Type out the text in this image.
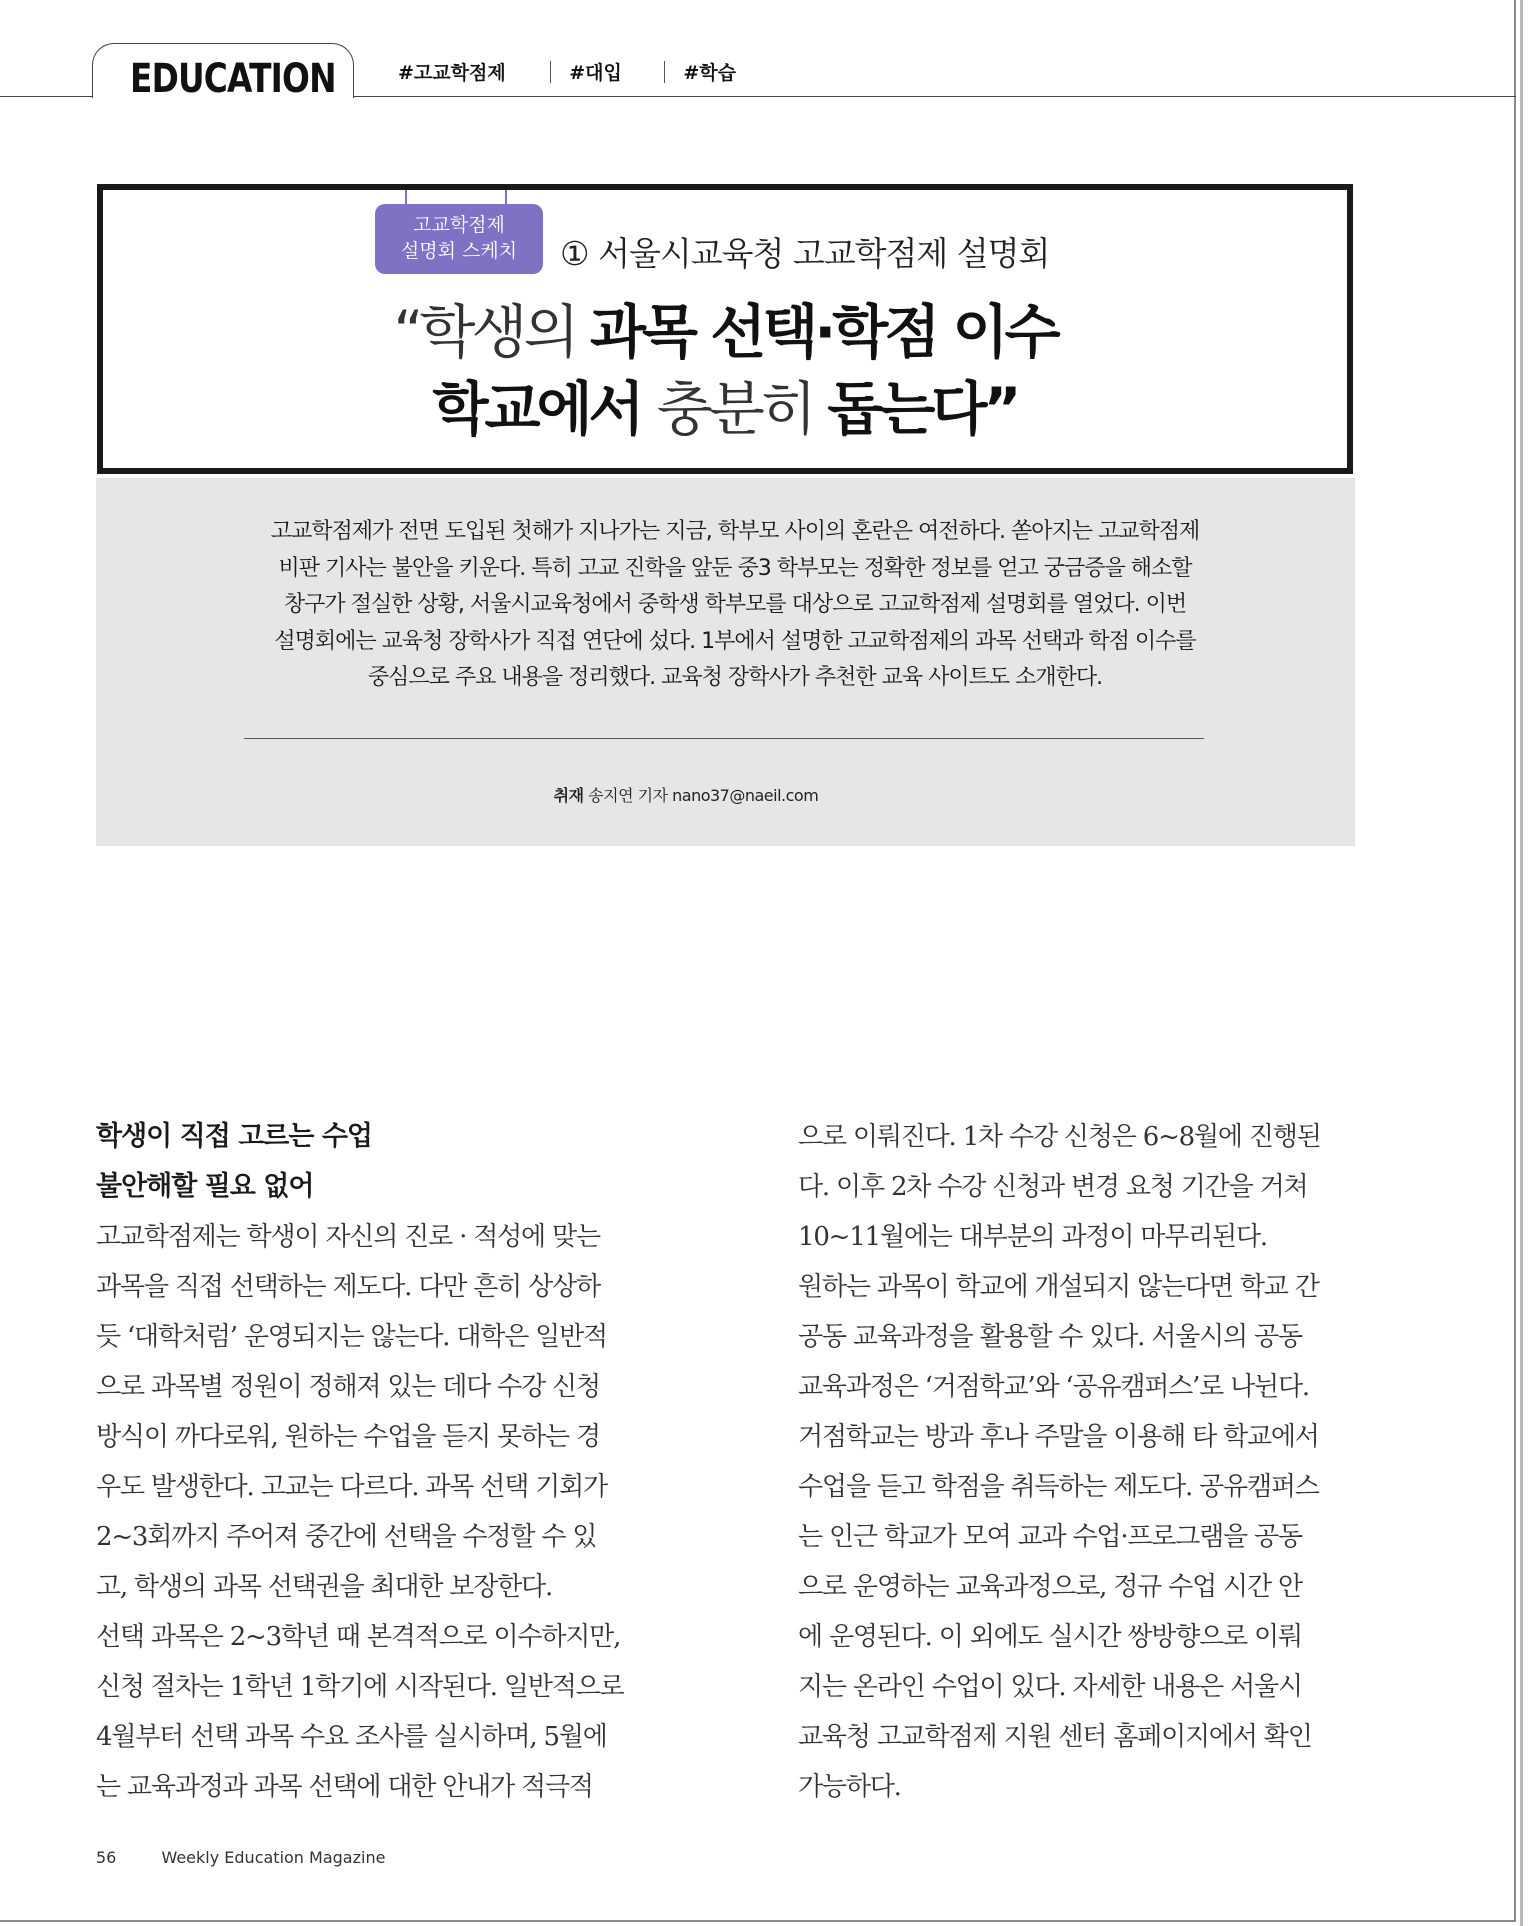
EDUCATION	#고교학점제	#대입	#학습
고교학점제
설명회 스케치	① 서울시교육청 고교학점제 설명회
“학생의 과목 선택·학점 이수
학교에서 충분히 돕는다”
고교학점제가 전면 도입된 첫해가 지나가는 지금, 학부모 사이의 혼란은 여전하다. 쏟아지는 고교학점제
비판 기사는 불안을 키운다. 특히 고교 진학을 앞둔 중3 학부모는 정확한 정보를 얻고 궁금증을 해소할
창구가 절실한 상황, 서울시교육청에서 중학생 학부모를 대상으로 고교학점제 설명회를 열었다. 이번
설명회에는 교육청 장학사가 직접 연단에 섰다. 1부에서 설명한 고교학점제의 과목 선택과 학점 이수를
중심으로 주요 내용을 정리했다. 교육청 장학사가 추천한 교육 사이트도 소개한다.
취재 송지연 기자 nano37@naeil.com
학생이 직접 고르는 수업
불안해할 필요 없어
고교학점제는 학생이 자신의 진로 · 적성에 맞는
과목을 직접 선택하는 제도다. 다만 흔히 상상하
듯 ‘대학처럼’ 운영되지는 않는다. 대학은 일반적
으로 과목별 정원이 정해져 있는 데다 수강 신청
방식이 까다로워, 원하는 수업을 듣지 못하는 경
우도 발생한다. 고교는 다르다. 과목 선택 기회가
2~3회까지 주어져 중간에 선택을 수정할 수 있
고, 학생의 과목 선택권을 최대한 보장한다.
선택 과목은 2~3학년 때 본격적으로 이수하지만,
신청 절차는 1학년 1학기에 시작된다. 일반적으로
4월부터 선택 과목 수요 조사를 실시하며, 5월에
는 교육과정과 과목 선택에 대한 안내가 적극적
으로 이뤄진다. 1차 수강 신청은 6~8월에 진행된
다. 이후 2차 수강 신청과 변경 요청 기간을 거쳐
10~11월에는 대부분의 과정이 마무리된다.
원하는 과목이 학교에 개설되지 않는다면 학교 간
공동 교육과정을 활용할 수 있다. 서울시의 공동
교육과정은 ‘거점학교’와 ‘공유캠퍼스’로 나뉜다.
거점학교는 방과 후나 주말을 이용해 타 학교에서
수업을 듣고 학점을 취득하는 제도다. 공유캠퍼스
는 인근 학교가 모여 교과 수업·프로그램을 공동
으로 운영하는 교육과정으로, 정규 수업 시간 안
에 운영된다. 이 외에도 실시간 쌍방향으로 이뤄
지는 온라인 수업이 있다. 자세한 내용은 서울시
교육청 고교학점제 지원 센터 홈페이지에서 확인
가능하다.
56	Weekly Education Magazine
